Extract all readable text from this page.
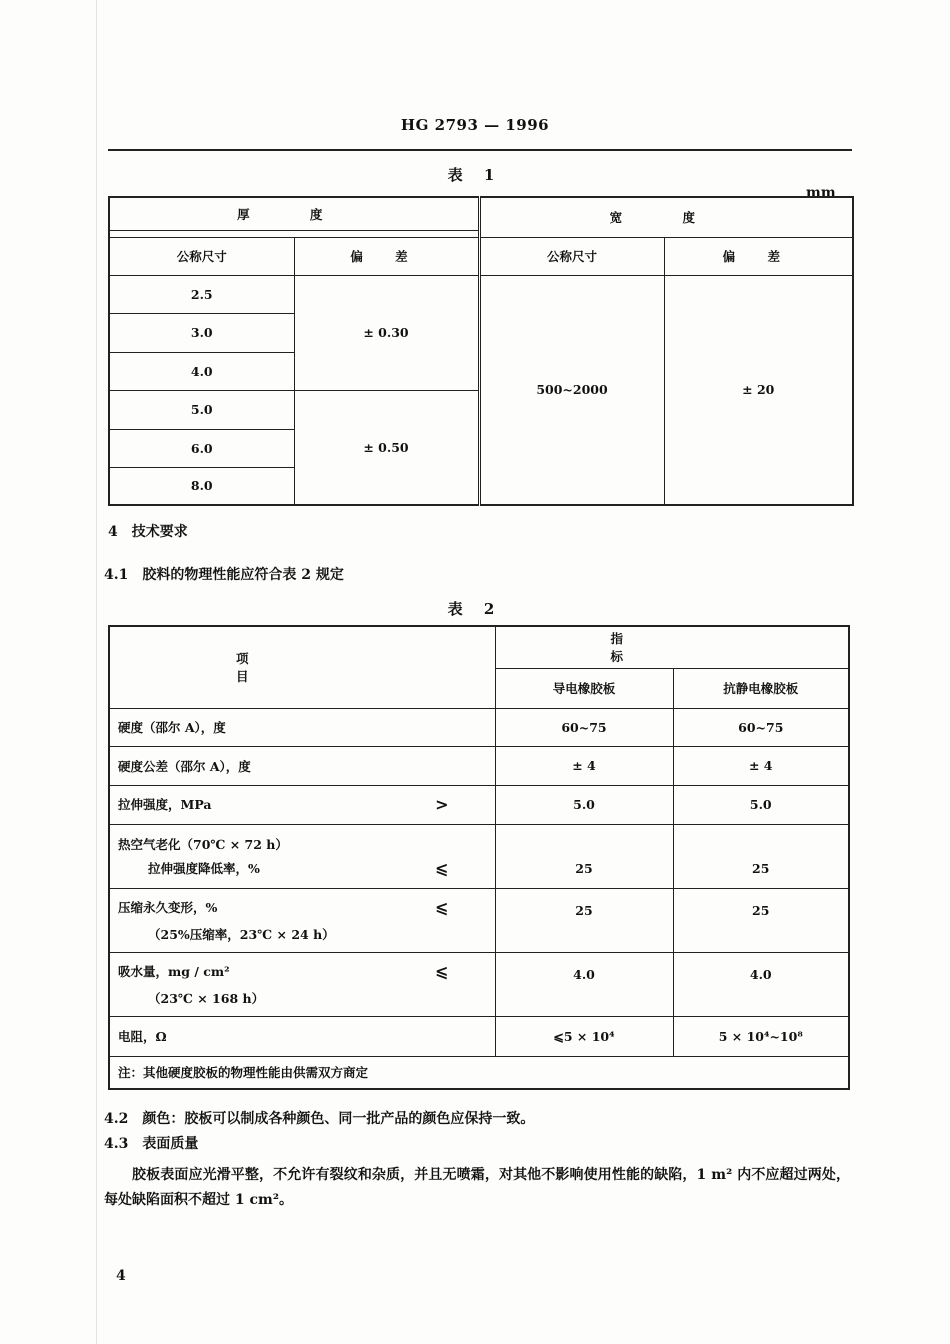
HG 2793 — 1996
表 1
mm
厚 度		宽 度	

公称尺寸	偏 差	公称尺寸	偏 差
2.5	± 0.30	500~2000	± 20
3.0			
4.0			
5.0	± 0.50		
6.0			
8.0			
4 技术要求
4.1 胶料的物理性能应符合表 2 规定
表 2
项 目	指 标	
	导电橡胶板	抗静电橡胶板
硬度（邵尔 A），度	60~75	60~75
硬度公差（邵尔 A），度	± 4	± 4

拉伸强度，MPa >	5.0	5.0

热空气老化（70℃ × 72 h）
拉伸强度降低率，% ⩽	25	25

压缩永久变形，% ⩽
（25%压缩率，23℃ × 24 h）	25	25

吸水量，mg / cm² ⩽
（23℃ × 168 h）	4.0	4.0
电阻，Ω	⩽5 × 10⁴	5 × 10⁴~10⁸
注：其他硬度胶板的物理性能由供需双方商定		
4.2 颜色：胶板可以制成各种颜色、同一批产品的颜色应保持一致。
4.3 表面质量
胶板表面应光滑平整，不允许有裂纹和杂质，并且无喷霜，对其他不影响使用性能的缺陷，1 m² 内不应超过两处，每处缺陷面积不超过 1 cm²。
4
